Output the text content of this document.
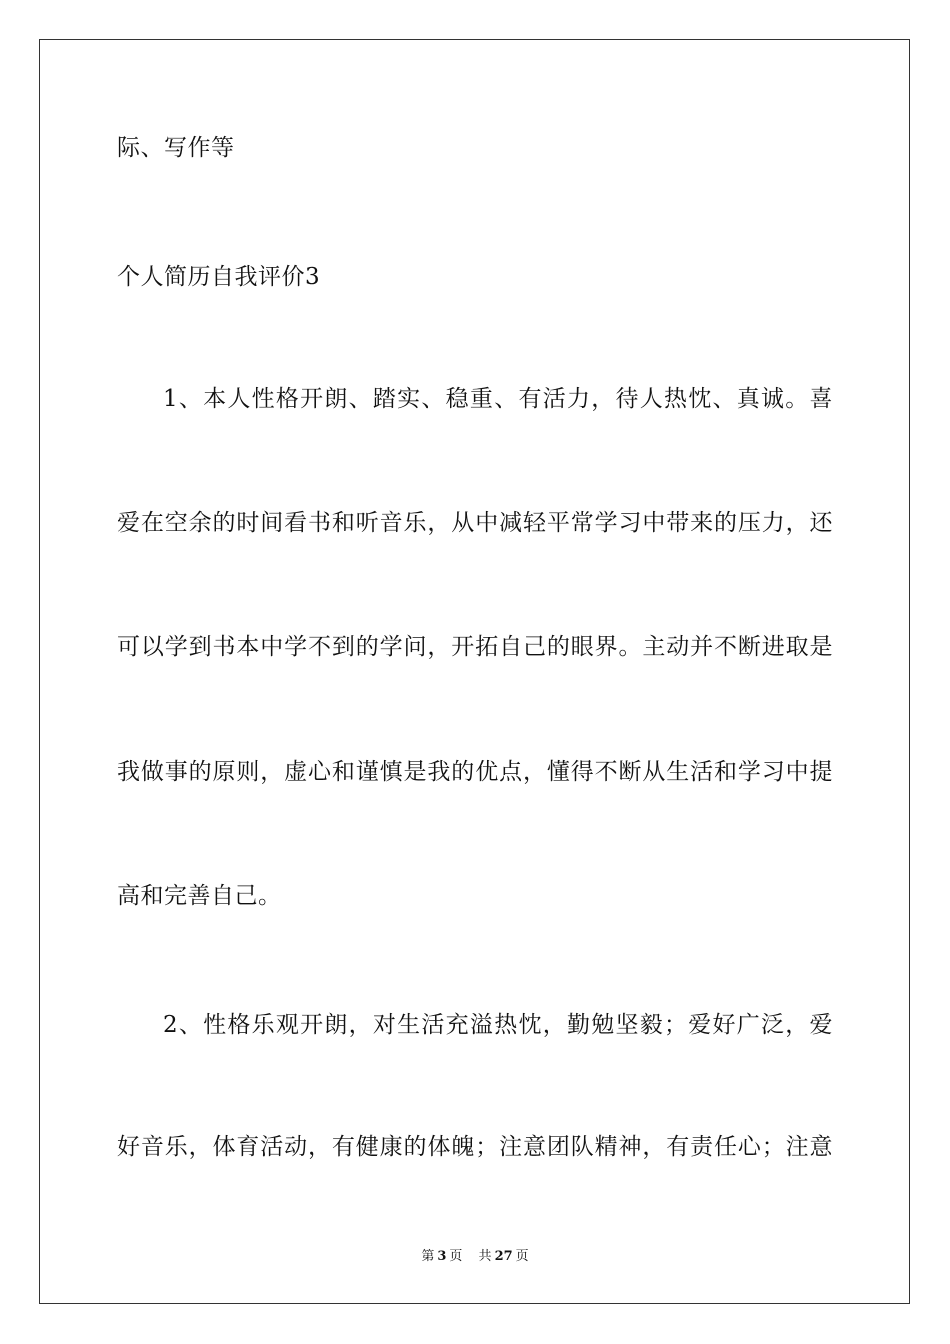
际、写作等
个人简历自我评价3
1、本人性格开朗、踏实、稳重、有活力，待人热忱、真诚。喜
爱在空余的时间看书和听音乐，从中减轻平常学习中带来的压力，还
可以学到书本中学不到的学问，开拓自己的眼界。主动并不断进取是
我做事的原则，虚心和谨慎是我的优点，懂得不断从生活和学习中提
高和完善自己。
2、性格乐观开朗，对生活充溢热忱，勤勉坚毅；爱好广泛，爱
好音乐，体育活动，有健康的体魄；注意团队精神，有责任心；注意
第 3 页 共 27 页
